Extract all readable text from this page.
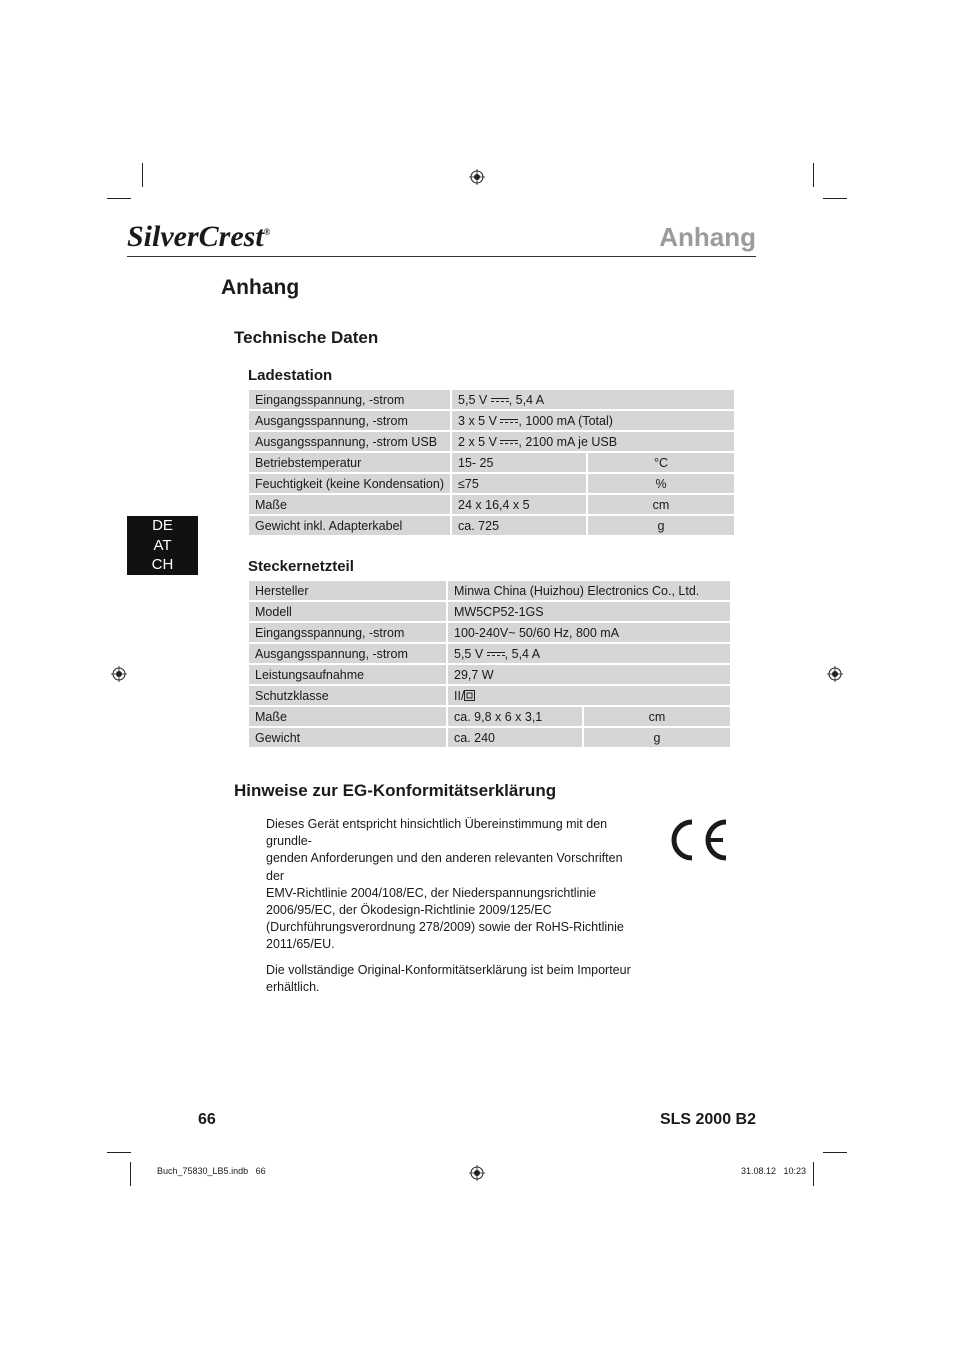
SilverCrest®	Anhang
Anhang
Technische Daten
DE
AT
CH
Ladestation
Eingangsspannung, -strom	5,5 V , 5,4 A	
Ausgangsspannung, -strom	3 x 5 V , 1000 mA (Total)	
Ausgangsspannung, -strom USB	2 x 5 V , 2100 mA je USB	
Betriebstemperatur	15- 25	°C
Feuchtigkeit (keine Kondensation)	≤75	%
Maße	24 x 16,4 x 5	cm
Gewicht inkl. Adapterkabel	ca. 725	g
Steckernetzteil
Hersteller	Minwa China (Huizhou) Electronics Co., Ltd.	
Modell	MW5CP52-1GS	
Eingangsspannung, -strom	100-240V~ 50/60 Hz, 800 mA	
Ausgangsspannung, -strom	5,5 V , 5,4 A	
Leistungsaufnahme	29,7 W	
Schutzklasse	II/	
Maße	ca. 9,8 x 6 x 3,1	cm
Gewicht	ca. 240	g
Hinweise zur EG-Konformitätserklärung

Dieses Gerät entspricht hinsichtlich Übereinstimmung mit den grundle-
genden Anforderungen und den anderen relevanten Vorschriften der
EMV-Richtlinie 2004/108/EC, der Niederspannungsrichtlinie
2006/95/EC, der Ökodesign-Richtlinie 2009/125/EC
(Durchführungsverordnung 278/2009) sowie der RoHS-Richtlinie
2011/65/EU.

Die vollständige Original-Konformitätserklärung ist beim Importeur
erhältlich.

66	SLS 2000 B2
Buch_75830_LB5.indb   66	31.08.12   10:23
